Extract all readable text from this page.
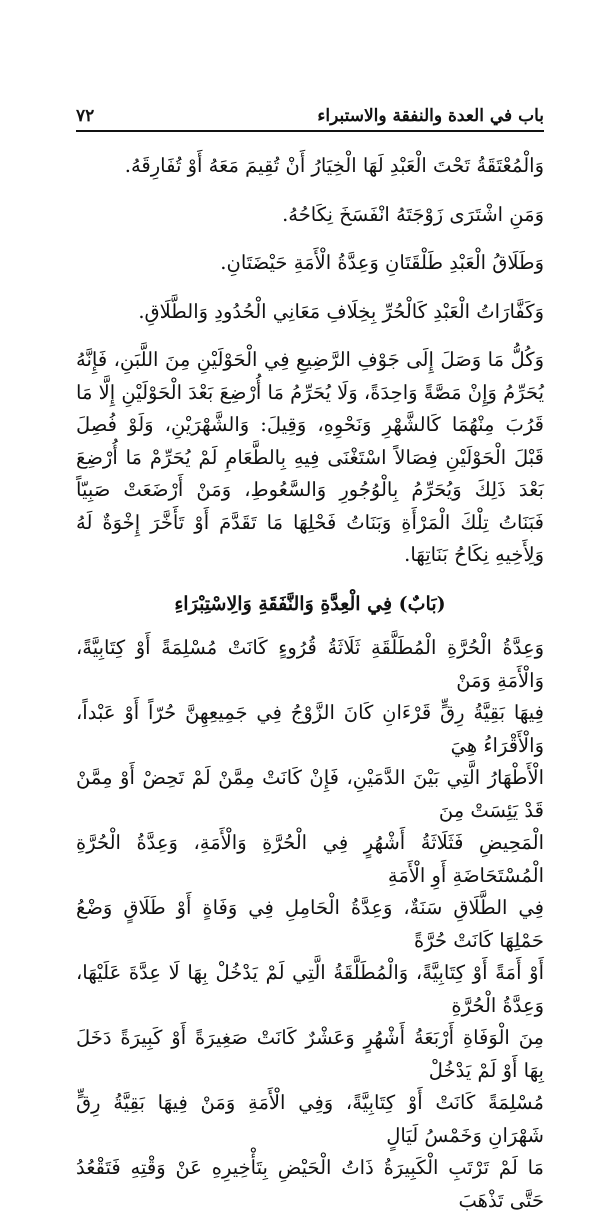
باب في العدة والنفقة والاستبراء
٧٢

وَالْمُعْتَقَةُ تَحْتَ الْعَبْدِ لَهَا الْخِيَارُ أَنْ تُقِيمَ مَعَهُ أَوْ تُفَارِقَهُ.

وَمَنِ اشْتَرَى زَوْجَتَهُ انْفَسَخَ نِكَاحُهُ.

وَطَلَاقُ الْعَبْدِ طَلْقَتَانِ وَعِدَّةُ الْأَمَةِ حَيْضَتَانِ.

وَكَفَّارَاتُ الْعَبْدِ كَالْحُرِّ بِخِلَافِ مَعَانِي الْحُدُودِ وَالطَّلَاقِ.

وَكُلُّ مَا وَصَلَ إِلَى جَوْفِ الرَّضِيعِ فِي الْحَوْلَيْنِ مِنَ اللَّبَنِ، فَإِنَّهُ يُحَرِّمُ وَإِنْ مَصَّةً وَاحِدَةً، وَلَا يُحَرِّمُ مَا أُرْضِعَ بَعْدَ الْحَوْلَيْنِ إِلَّا مَا قَرُبَ مِنْهُمَا كَالشَّهْرِ وَنَحْوِهِ، وَقِيلَ: وَالشَّهْرَيْنِ، وَلَوْ فُصِلَ قَبْلَ الْحَوْلَيْنِ فِصَالاً اسْتَغْنَى فِيهِ بِالطَّعَامِ لَمْ يُحَرِّمْ مَا أُرْضِعَ بَعْدَ ذَلِكَ وَيُحَرِّمُ بِالْوُجُورِ وَالسَّعُوطِ، وَمَنْ أَرْضَعَتْ صَبِيّاً فَبَنَاتُ تِلْكَ الْمَرْأَةِ وَبَنَاتُ فَحْلِهَا مَا تَقَدَّمَ أَوْ تَأَخَّرَ إِخْوَةٌ لَهُ وَلِأَخِيهِ نِكَاحُ بَنَاتِهَا.

(بَابٌ) فِي الْعِدَّةِ وَالنَّفَقَةِ وَالِاسْتِبْرَاءِ

وَعِدَّةُ الْحُرَّةِ الْمُطَلَّقَةِ ثَلَاثَةُ قُرُوءٍ كَانَتْ مُسْلِمَةً أَوْ كِتَابِيَّةً، وَالْأَمَةِ وَمَنْ

فِيهَا بَقِيَّةُ رِقٍّ قَرْءَانِ كَانَ الزَّوْجُ فِي جَمِيعِهِنَّ حُرّاً أَوْ عَبْداً، وَالْأَقْرَاءُ هِيَ

الْأَطْهَارُ الَّتِي بَيْنَ الدَّمَيْنِ، فَإِنْ كَانَتْ مِمَّنْ لَمْ تَحِضْ أَوْ مِمَّنْ قَدْ يَئِسَتْ مِنَ

الْمَحِيضِ فَثَلَاثَةُ أَشْهُرٍ فِي الْحُرَّةِ وَالْأَمَةِ، وَعِدَّةُ الْحُرَّةِ الْمُسْتَحَاضَةِ أَوِ الْأَمَةِ

فِي الطَّلَاقِ سَنَةٌ، وَعِدَّةُ الْحَامِلِ فِي وَفَاةٍ أَوْ طَلَاقٍ وَضْعُ حَمْلِهَا كَانَتْ حُرَّةً

أَوْ أَمَةً أَوْ كِتَابِيَّةً، وَالْمُطَلَّقَةُ الَّتِي لَمْ يَدْخُلْ بِهَا لَا عِدَّةَ عَلَيْهَا، وَعِدَّةُ الْحُرَّةِ

مِنَ الْوَفَاةِ أَرْبَعَةُ أَشْهُرٍ وَعَشْرٌ كَانَتْ صَغِيرَةً أَوْ كَبِيرَةً دَخَلَ بِهَا أَوْ لَمْ يَدْخُلْ

مُسْلِمَةً كَانَتْ أَوْ كِتَابِيَّةً، وَفِي الْأَمَةِ وَمَنْ فِيهَا بَقِيَّةُ رِقٍّ شَهْرَانِ وَخَمْسُ لَيَالٍ

مَا لَمْ تَرْتَبِ الْكَبِيرَةُ ذَاتُ الْحَيْضِ بِتَأْخِيرِهِ عَنْ وَقْتِهِ فَتَقْعُدُ حَتَّى تَذْهَبَ
